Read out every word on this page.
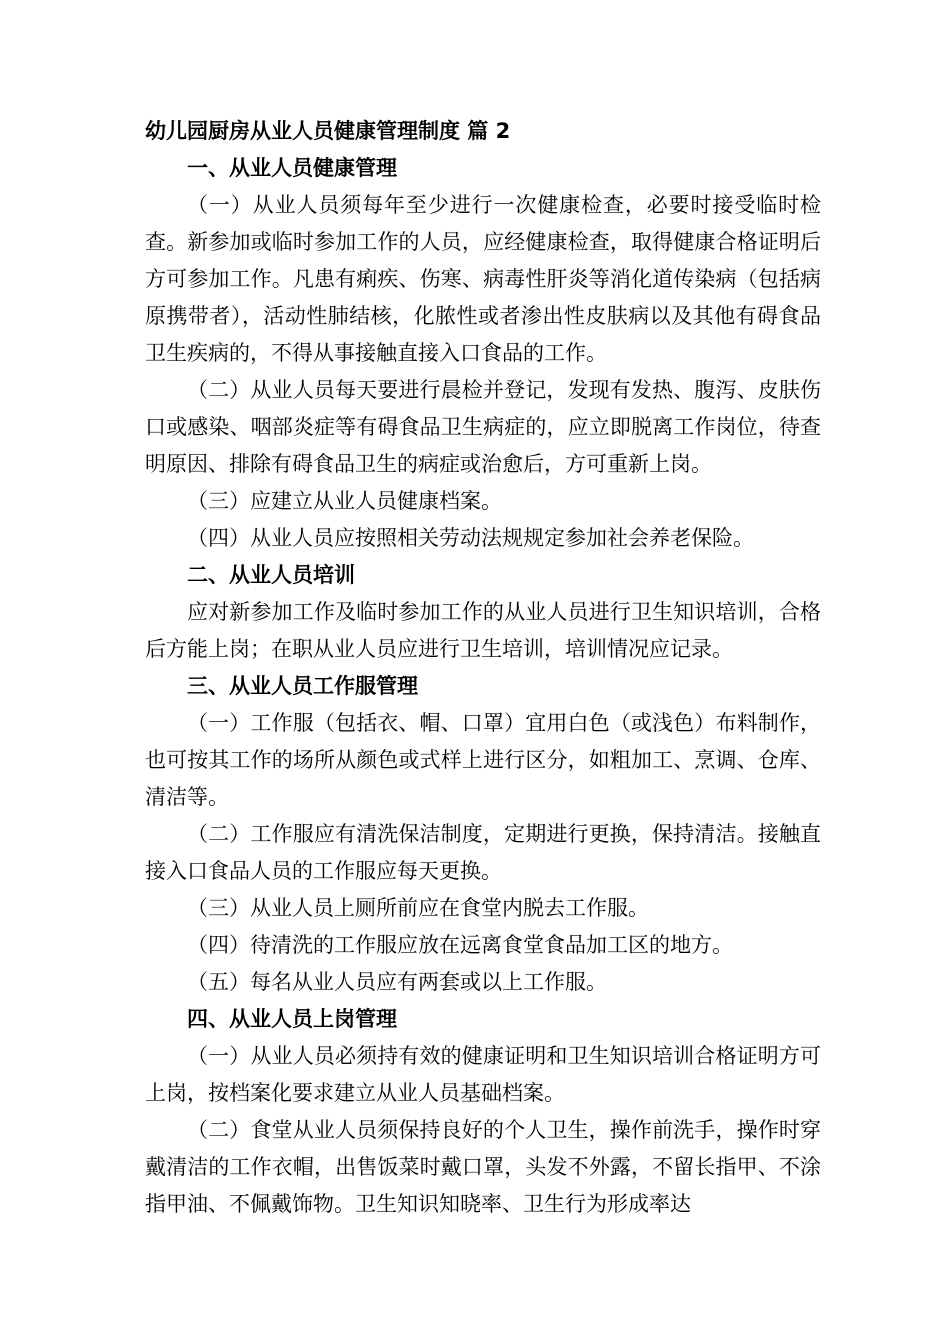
幼儿园厨房从业人员健康管理制度 篇 2

一、从业人员健康管理

（一）从业人员须每年至少进行一次健康检查，必要时接受临时检查。新参加或临时参加工作的人员，应经健康检查，取得健康合格证明后方可参加工作。凡患有痢疾、伤寒、病毒性肝炎等消化道传染病（包括病原携带者），活动性肺结核，化脓性或者渗出性皮肤病以及其他有碍食品卫生疾病的，不得从事接触直接入口食品的工作。

（二）从业人员每天要进行晨检并登记，发现有发热、腹泻、皮肤伤口或感染、咽部炎症等有碍食品卫生病症的，应立即脱离工作岗位，待查明原因、排除有碍食品卫生的病症或治愈后，方可重新上岗。

（三）应建立从业人员健康档案。

（四）从业人员应按照相关劳动法规规定参加社会养老保险。

二、从业人员培训

应对新参加工作及临时参加工作的从业人员进行卫生知识培训，合格后方能上岗；在职从业人员应进行卫生培训，培训情况应记录。

三、从业人员工作服管理

（一）工作服（包括衣、帽、口罩）宜用白色（或浅色）布料制作，也可按其工作的场所从颜色或式样上进行区分，如粗加工、烹调、仓库、清洁等。

（二）工作服应有清洗保洁制度，定期进行更换，保持清洁。接触直接入口食品人员的工作服应每天更换。

（三）从业人员上厕所前应在食堂内脱去工作服。

（四）待清洗的工作服应放在远离食堂食品加工区的地方。

（五）每名从业人员应有两套或以上工作服。

四、从业人员上岗管理

（一）从业人员必须持有效的健康证明和卫生知识培训合格证明方可上岗，按档案化要求建立从业人员基础档案。

（二）食堂从业人员须保持良好的个人卫生，操作前洗手，操作时穿戴清洁的工作衣帽，出售饭菜时戴口罩，头发不外露，不留长指甲、不涂指甲油、不佩戴饰物。卫生知识知晓率、卫生行为形成率达
